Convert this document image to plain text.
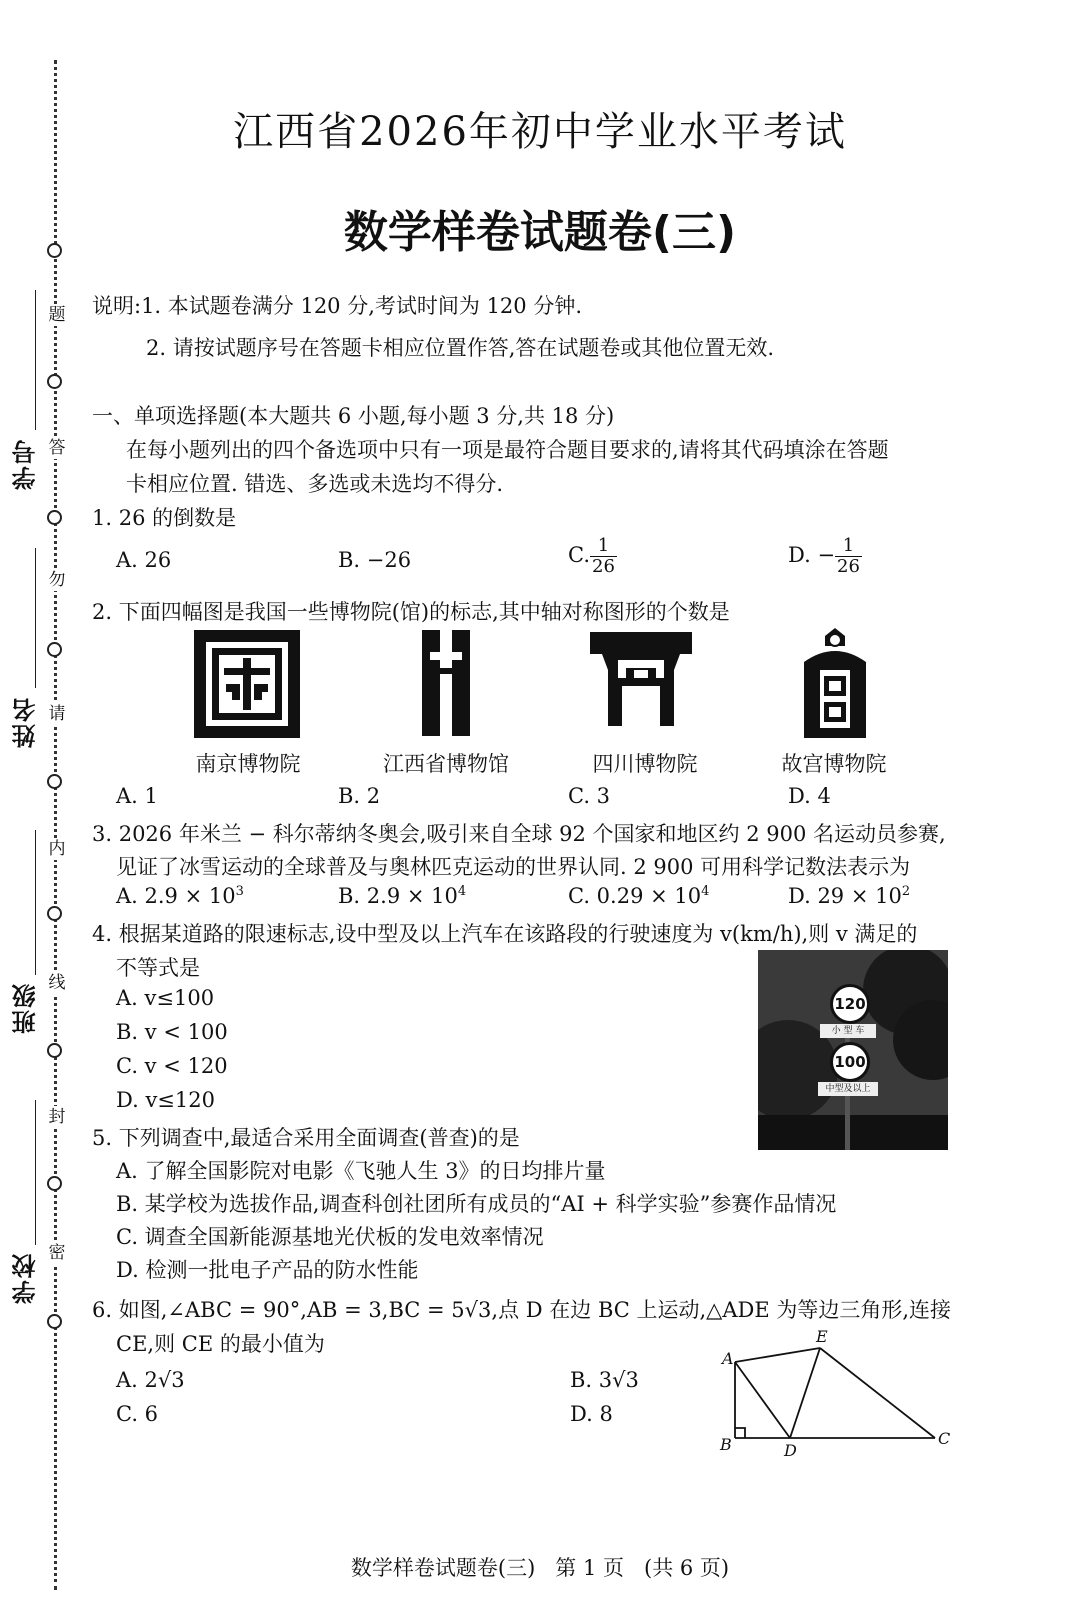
题
答
勿
请
内
线
封
密
学号
姓名
班级
学校
江西省2026年初中学业水平考试
数学样卷试题卷(三)
说明:1. 本试题卷满分 120 分,考试时间为 120 分钟.
2. 请按试题序号在答题卡相应位置作答,答在试题卷或其他位置无效.
一、单项选择题(本大题共 6 小题,每小题 3 分,共 18 分)
在每小题列出的四个备选项中只有一项是最符合题目要求的,请将其代码填涂在答题
卡相应位置. 错选、多选或未选均不得分.
1. 26 的倒数是
A. 26	B. −26	C. $\frac{1}{26}$	D. − $\frac{1}{26}$
2. 下面四幅图是我国一些博物院(馆)的标志,其中轴对称图形的个数是
南京博物院	江西省博物馆	四川博物院	故宫博物院
A. 1	B. 2	C. 3	D. 4
3. 2026 年米兰 − 科尔蒂纳冬奥会,吸引来自全球 92 个国家和地区约 2 900 名运动员参赛,
见证了冰雪运动的全球普及与奥林匹克运动的世界认同. 2 900 可用科学记数法表示为
A. $2.9 \times 10^3$	B. $2.9 \times 10^4$	C. $0.29 \times 10^4$	D. $29 \times 10^2$
4. 根据某道路的限速标志,设中型及以上汽车在该路段的行驶速度为 v(km/h),则 v 满足的
不等式是
A. v≤100
B. v < 100
C. v < 120
D. v≤120
120
小 型 车
100
中型及以上
5. 下列调查中,最适合采用全面调查(普查)的是
A. 了解全国影院对电影《飞驰人生 3》的日均排片量
B. 某学校为选拔作品,调查科创社团所有成员的“AI + 科学实验”参赛作品情况
C. 调查全国新能源基地光伏板的发电效率情况
D. 检测一批电子产品的防水性能
6. 如图,∠ABC = 90°,AB = 3,BC = 5√3,点 D 在边 BC 上运动,△ADE 为等边三角形,连接
CE,则 CE 的最小值为
A. 2√3	B. 3√3
C. 6	D. 8
A
B	C
D
E
数学样卷试题卷(三)   第 1 页   (共 6 页)
